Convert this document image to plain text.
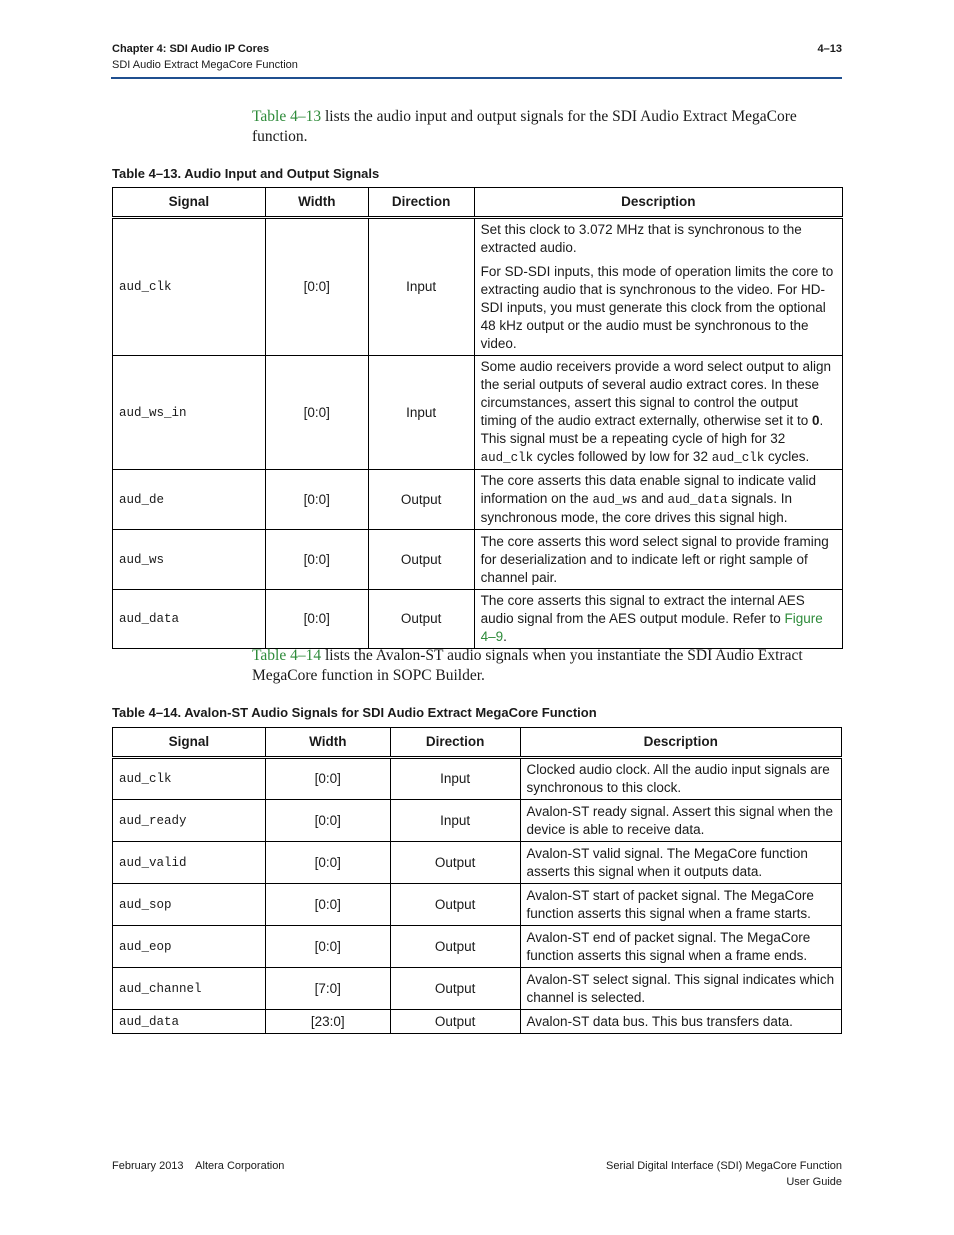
Chapter 4: SDI Audio IP Cores
SDI Audio Extract MegaCore Function
4–13
Table 4–13 lists the audio input and output signals for the SDI Audio Extract MegaCore function.
Table 4–13. Audio Input and Output Signals
Signal	Width	Direction	Description
aud_clk	[0:0]	Input	Set this clock to 3.072 MHz that is synchronous to the extracted audio.

For SD-SDI inputs, this mode of operation limits the core to extracting audio that is synchronous to the video. For HD-SDI inputs, you must generate this clock from the optional 48 kHz output or the audio must be synchronous to the video.

aud_ws_in	[0:0]	Input	Some audio receivers provide a word select output to align the serial outputs of several audio extract cores. In these circumstances, assert this signal to control the output timing of the audio extract externally, otherwise set it to 0. This signal must be a repeating cycle of high for 32 aud_clk cycles followed by low for 32 aud_clk cycles.
aud_de	[0:0]	Output	The core asserts this data enable signal to indicate valid information on the aud_ws and aud_data signals. In synchronous mode, the core drives this signal high.
aud_ws	[0:0]	Output	The core asserts this word select signal to provide framing for deserialization and to indicate left or right sample of channel pair.
aud_data	[0:0]	Output	The core asserts this signal to extract the internal AES audio signal from the AES output module. Refer to Figure 4–9.
Table 4–14 lists the Avalon-ST audio signals when you instantiate the SDI Audio Extract MegaCore function in SOPC Builder.
Table 4–14. Avalon-ST Audio Signals for SDI Audio Extract MegaCore Function
Signal	Width	Direction	Description
aud_clk	[0:0]	Input	Clocked audio clock. All the audio input signals are synchronous to this clock.
aud_ready	[0:0]	Input	Avalon-ST ready signal. Assert this signal when the device is able to receive data.
aud_valid	[0:0]	Output	Avalon-ST valid signal. The MegaCore function asserts this signal when it outputs data.
aud_sop	[0:0]	Output	Avalon-ST start of packet signal. The MegaCore function asserts this signal when a frame starts.
aud_eop	[0:0]	Output	Avalon-ST end of packet signal. The MegaCore function asserts this signal when a frame ends.
aud_channel	[7:0]	Output	Avalon-ST select signal. This signal indicates which channel is selected.
aud_data	[23:0]	Output	Avalon-ST data bus. This bus transfers data.
February 2013    Altera Corporation	Serial Digital Interface (SDI) MegaCore Function
User Guide
